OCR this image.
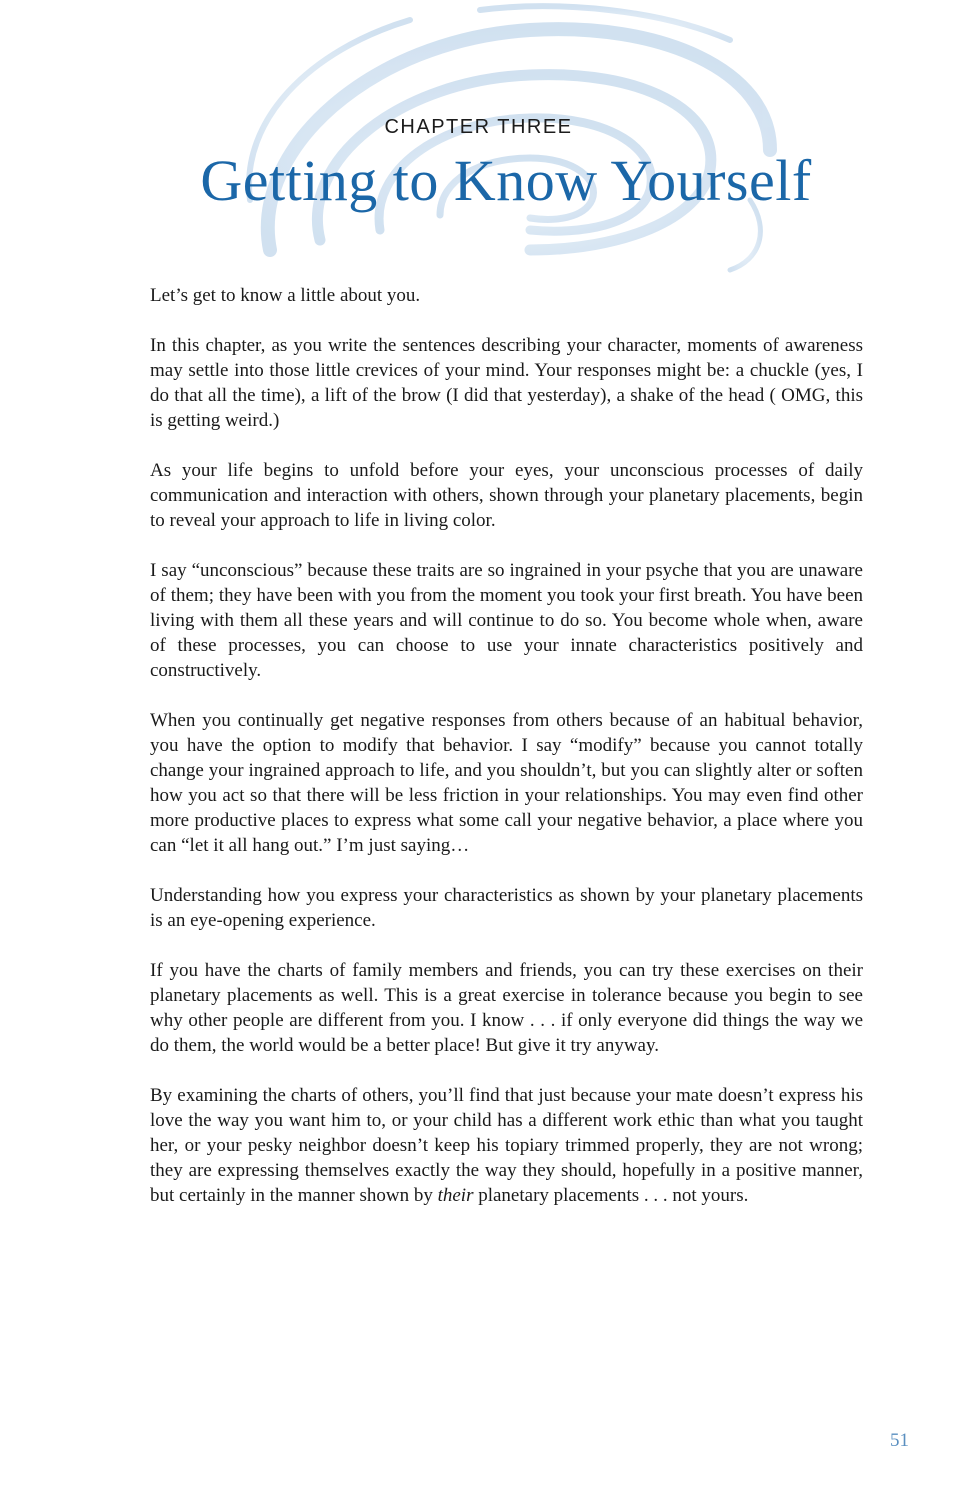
CHAPTER THREE
Getting to Know Yourself

Let’s get to know a little about you.

In this chapter, as you write the sentences describing your character, moments of awareness may settle into those little crevices of your mind. Your responses might be: a chuckle (yes, I do that all the time), a lift of the brow (I did that yesterday), a shake of the head ( OMG, this is getting weird.)

As your life begins to unfold before your eyes, your unconscious processes of daily communication and interaction with others, shown through your planetary placements, begin to reveal your approach to life in living color.

I say “unconscious” because these traits are so ingrained in your psyche that you are unaware of them; they have been with you from the moment you took your first breath. You have been living with them all these years and will continue to do so. You become whole when, aware of these processes, you can choose to use your innate characteristics positively and constructively.

When you continually get negative responses from others because of an habitual behavior, you have the option to modify that behavior. I say “modify” because you cannot totally change your ingrained approach to life, and you shouldn’t, but you can slightly alter or soften how you act so that there will be less friction in your relationships. You may even find other more productive places to express what some call your negative behavior, a place where you can “let it all hang out.” I’m just saying…

Understanding how you express your characteristics as shown by your planetary placements is an eye-opening experience.

If you have the charts of family members and friends, you can try these exercises on their planetary placements as well. This is a great exercise in tolerance because you begin to see why other people are different from you. I know . . . if only everyone did things the way we do them, the world would be a better place! But give it try anyway.

By examining the charts of others, you’ll find that just because your mate doesn’t express his love the way you want him to, or your child has a different work ethic than what you taught her, or your pesky neighbor doesn’t keep his topiary trimmed properly, they are not wrong; they are expressing themselves exactly the way they should, hopefully in a positive manner, but certainly in the manner shown by their planetary placements . . . not yours.

51
